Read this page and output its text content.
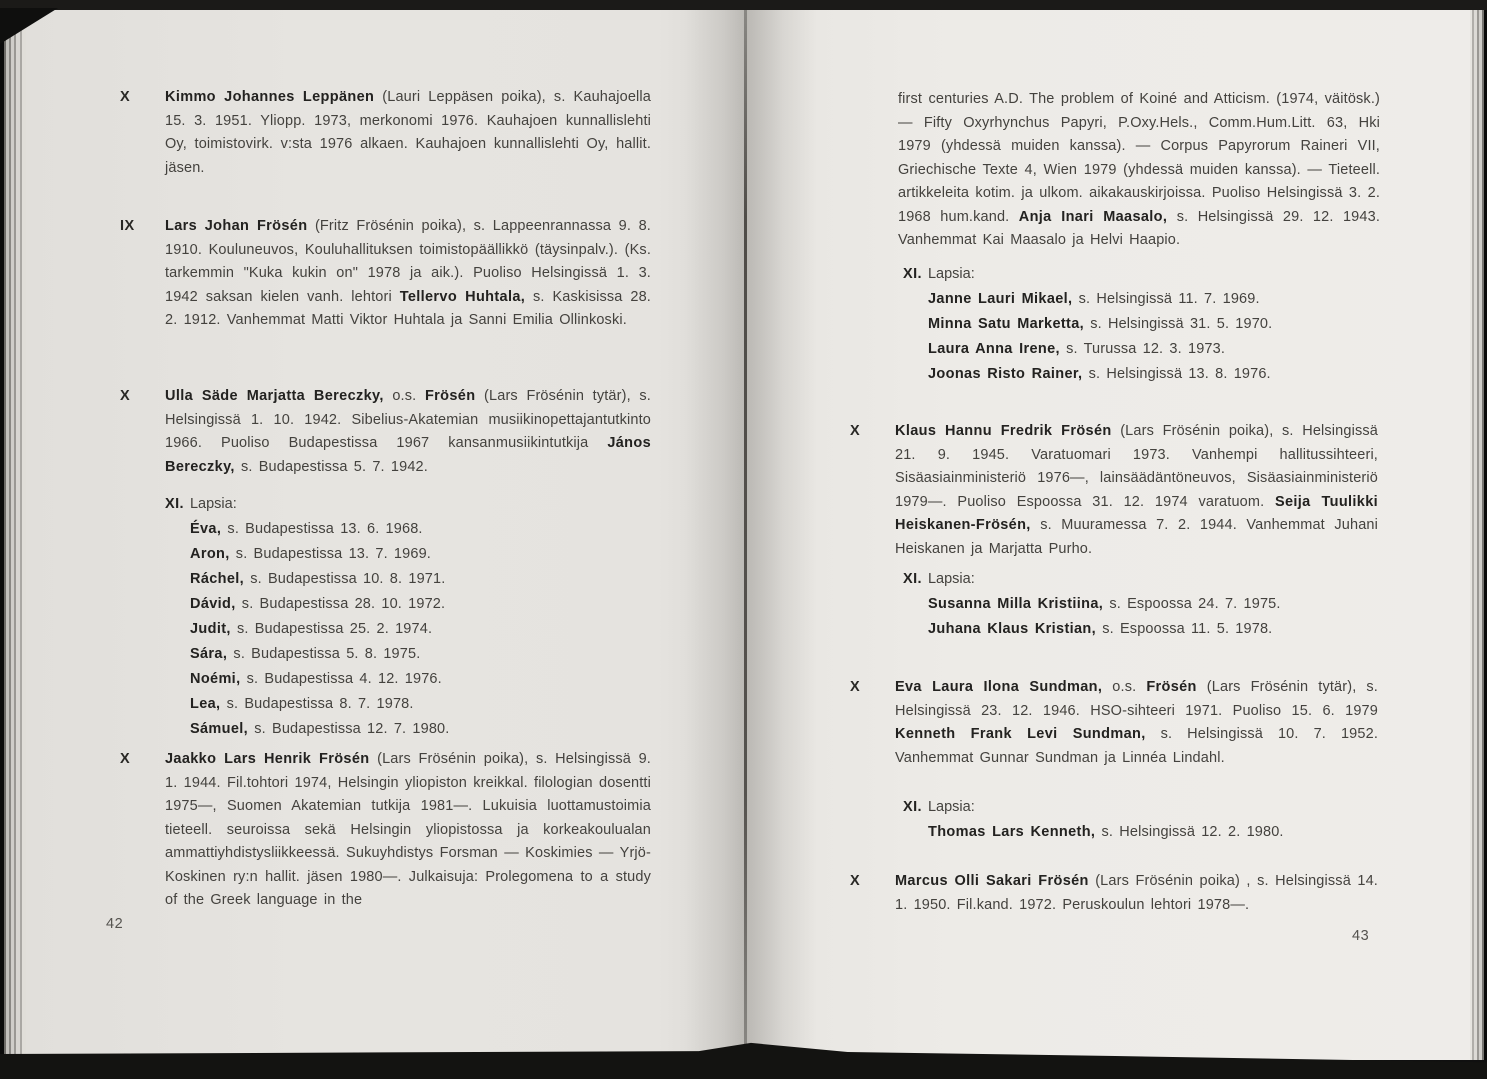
X	Kimmo Johannes Leppänen (Lauri Leppäsen poika), s. Kauhajoella 15. 3. 1951. Yliopp. 1973, merkonomi 1976. Kauhajoen kunnallislehti Oy, toimistovirk. v:sta 1976 alkaen. Kauhajoen kunnallislehti Oy, hallit. jäsen.

IX	Lars Johan Frösén (Fritz Frösénin poika), s. Lappeenrannassa 9. 8. 1910. Kouluneuvos, Kouluhallituksen toimistopäällikkö (täysinpalv.). (Ks. tarkemmin "Kuka kukin on" 1978 ja aik.). Puoliso Helsingissä 1. 3. 1942 saksan kielen vanh. lehtori Tellervo Huhtala, s. Kaskisissa 28. 2. 1912. Vanhemmat Matti Viktor Huhtala ja Sanni Emilia Ollinkoski.

X	Ulla Säde Marjatta Bereczky, o.s. Frösén (Lars Frösénin tytär), s. Helsingissä 1. 10. 1942. Sibelius-Akatemian musiikinopettajantutkinto 1966. Puoliso Budapestissa 1967 kansanmusiikintutkija János Bereczky, s. Budapestissa 5. 7. 1942.

XI. Lapsia:
Éva, s. Budapestissa 13. 6. 1968.
Aron, s. Budapestissa 13. 7. 1969.
Ráchel, s. Budapestissa 10. 8. 1971.
Dávid, s. Budapestissa 28. 10. 1972.
Judit, s. Budapestissa 25. 2. 1974.
Sára, s. Budapestissa 5. 8. 1975.
Noémi, s. Budapestissa 4. 12. 1976.
Lea, s. Budapestissa 8. 7. 1978.
Sámuel, s. Budapestissa 12. 7. 1980.
X	Jaakko Lars Henrik Frösén (Lars Frösénin poika), s. Helsingissä 9. 1. 1944. Fil.tohtori 1974, Helsingin yliopiston kreikkal. filologian dosentti 1975—, Suomen Akatemian tutkija 1981—. Lukuisia luottamustoimia tieteell. seuroissa sekä Helsingin yliopistossa ja korkeakoulualan ammattiyhdistysliikkeessä. Sukuyhdistys Forsman — Koskimies — Yrjö-Koskinen ry:n hallit. jäsen 1980—. Julkaisuja: Prolegomena to a study of the Greek language in the

42

first centuries A.D. The problem of Koiné and Atticism. (1974, väitösk.) — Fifty Oxyrhynchus Papyri, P.Oxy.Hels., Comm.Hum.Litt. 63, Hki 1979 (yhdessä muiden kanssa). — Corpus Papyrorum Raineri VII, Griechische Texte 4, Wien 1979 (yhdessä muiden kanssa). — Tieteell. artikkeleita kotim. ja ulkom. aikakauskirjoissa. Puoliso Helsingissä 3. 2. 1968 hum.kand. Anja Inari Maasalo, s. Helsingissä 29. 12. 1943. Vanhemmat Kai Maasalo ja Helvi Haapio.

XI. Lapsia:
Janne Lauri Mikael, s. Helsingissä 11. 7. 1969.
Minna Satu Marketta, s. Helsingissä 31. 5. 1970.
Laura Anna Irene, s. Turussa 12. 3. 1973.
Joonas Risto Rainer, s. Helsingissä 13. 8. 1976.
X	Klaus Hannu Fredrik Frösén (Lars Frösénin poika), s. Helsingissä 21. 9. 1945. Varatuomari 1973. Vanhempi hallitussihteeri, Sisäasiainministeriö 1976—, lainsäädäntöneuvos, Sisäasiainministeriö 1979—. Puoliso Espoossa 31. 12. 1974 varatuom. Seija Tuulikki Heiskanen-Frösén, s. Muuramessa 7. 2. 1944. Vanhemmat Juhani Heiskanen ja Marjatta Purho.

XI. Lapsia:
Susanna Milla Kristiina, s. Espoossa 24. 7. 1975.
Juhana Klaus Kristian, s. Espoossa 11. 5. 1978.
X	Eva Laura Ilona Sundman, o.s. Frösén (Lars Frösénin tytär), s. Helsingissä 23. 12. 1946. HSO-sihteeri 1971. Puoliso 15. 6. 1979 Kenneth Frank Levi Sundman, s. Helsingissä 10. 7. 1952. Vanhemmat Gunnar Sundman ja Linnéa Lindahl.

XI. Lapsia:
Thomas Lars Kenneth, s. Helsingissä 12. 2. 1980.
X	Marcus Olli Sakari Frösén (Lars Frösénin poika) , s. Helsingissä 14. 1. 1950. Fil.kand. 1972. Peruskoulun lehtori 1978—.

43
